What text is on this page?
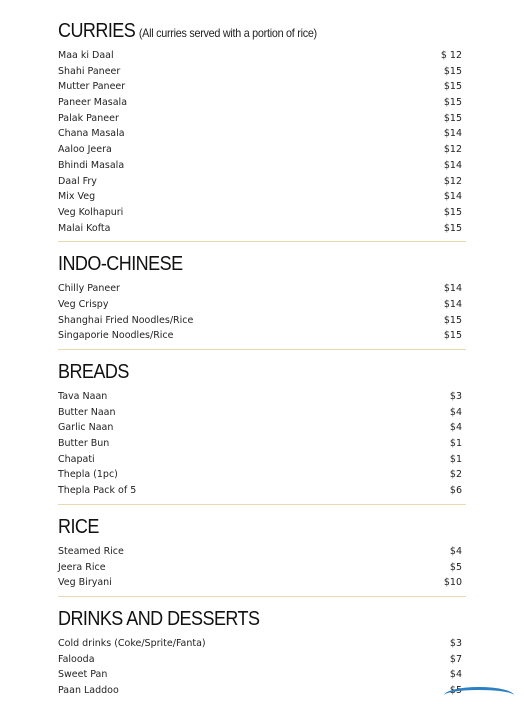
CURRIES (All curries served with a portion of rice)
Maa ki Daal	$ 12
Shahi Paneer	$15
Mutter Paneer	$15
Paneer Masala	$15
Palak Paneer	$15
Chana Masala	$14
Aaloo Jeera	$12
Bhindi Masala	$14
Daal Fry	$12
Mix Veg	$14
Veg Kolhapuri	$15
Malai Kofta	$15
INDO-CHINESE
Chilly Paneer	$14
Veg Crispy	$14
Shanghai Fried Noodles/Rice	$15
Singaporie Noodles/Rice	$15
BREADS
Tava Naan	$3
Butter Naan	$4
Garlic Naan	$4
Butter Bun	$1
Chapati	$1
Thepla (1pc)	$2
Thepla Pack of 5	$6
RICE
Steamed Rice	$4
Jeera Rice	$5
Veg Biryani	$10
DRINKS AND DESSERTS
Cold drinks (Coke/Sprite/Fanta)	$3
Falooda	$7
Sweet Pan	$4
Paan Laddoo	$5
